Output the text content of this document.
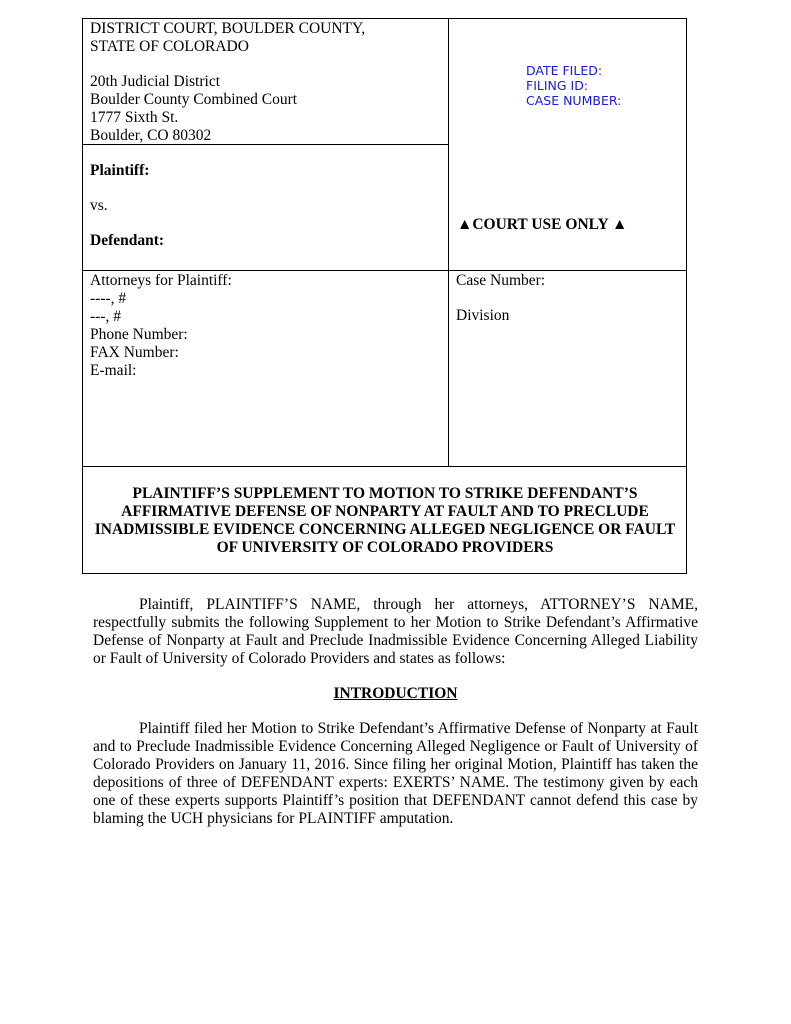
DISTRICT COURT, BOULDER COUNTY,
STATE OF COLORADO
20th Judicial District
Boulder County Combined Court
1777 Sixth St.
Boulder, CO 80302
Plaintiff:
vs.
Defendant:
DATE FILED:
FILING ID:
CASE NUMBER:
▲COURT USE ONLY ▲
Attorneys for Plaintiff:
----, #
---, #
Phone Number:
FAX Number:
E-mail:
Case Number:
Division
PLAINTIFF’S SUPPLEMENT TO MOTION TO STRIKE DEFENDANT’S
AFFIRMATIVE DEFENSE OF NONPARTY AT FAULT AND TO PRECLUDE
INADMISSIBLE EVIDENCE CONCERNING ALLEGED NEGLIGENCE OR FAULT
OF UNIVERSITY OF COLORADO PROVIDERS

Plaintiff, PLAINTIFF’S NAME, through her attorneys, ATTORNEY’S NAME, respectfully submits the following Supplement to her Motion to Strike Defendant’s Affirmative Defense of Nonparty at Fault and Preclude Inadmissible Evidence Concerning Alleged Liability or Fault of University of Colorado Providers and states as follows:

INTRODUCTION

Plaintiff filed her Motion to Strike Defendant’s Affirmative Defense of Nonparty at Fault and to Preclude Inadmissible Evidence Concerning Alleged Negligence or Fault of University of Colorado Providers on January 11, 2016. Since filing her original Motion, Plaintiff has taken the depositions of three of DEFENDANT experts: EXERTS’ NAME. The testimony given by each one of these experts supports Plaintiff’s position that DEFENDANT cannot defend this case by blaming the UCH physicians for PLAINTIFF amputation.
